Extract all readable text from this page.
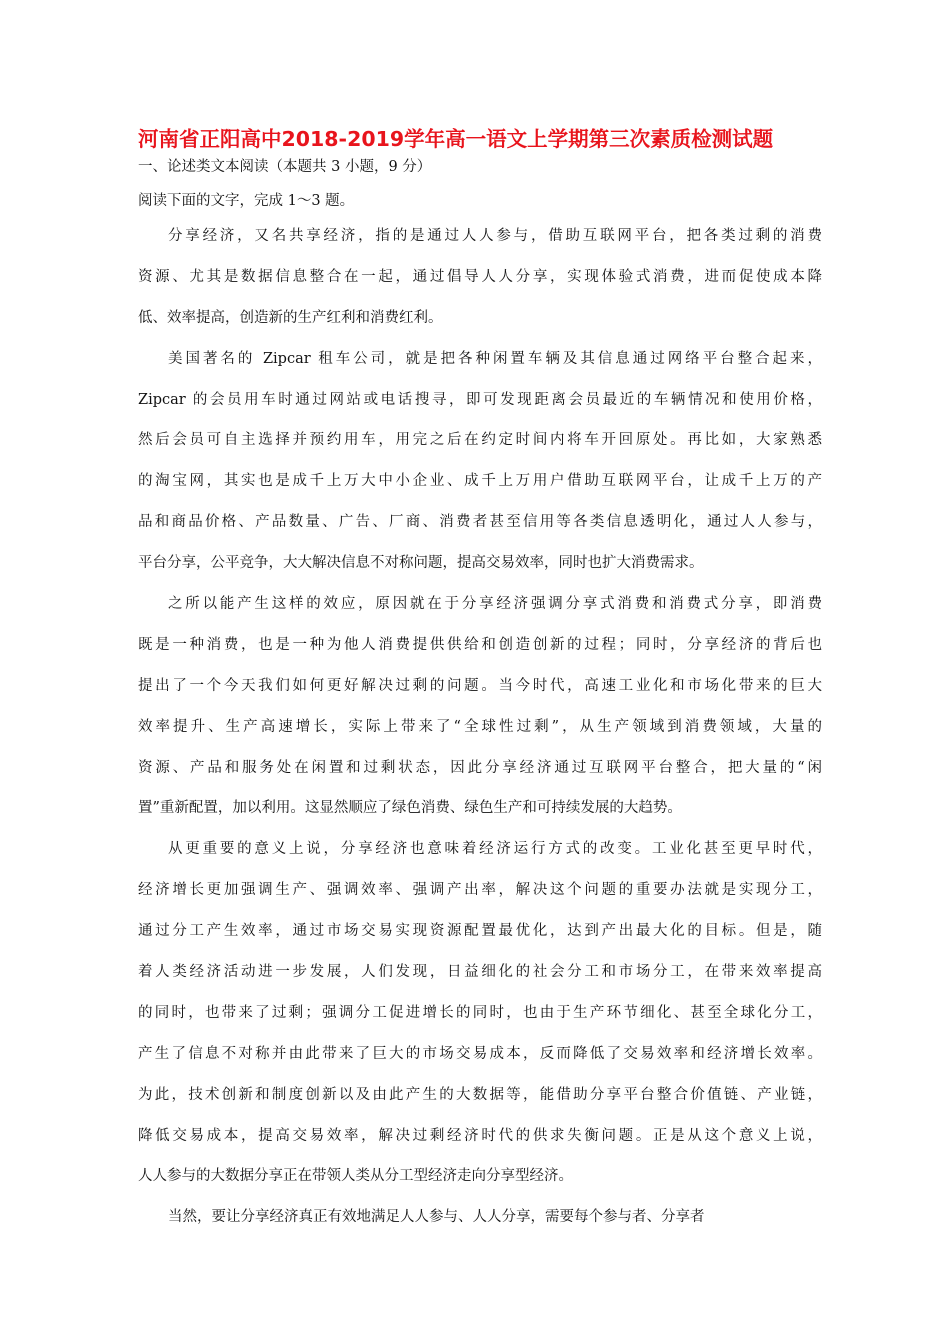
河南省正阳高中2018-2019学年高一语文上学期第三次素质检测试题
一、论述类文本阅读（本题共 3 小题，9 分）
阅读下面的文字，完成 1～3 题。
分享经济，又名共享经济，指的是通过人人参与，借助互联网平台，把各类过剩的消费
资源、尤其是数据信息整合在一起，通过倡导人人分享，实现体验式消费，进而促使成本降
低、效率提高，创造新的生产红利和消费红利。
美国著名的 Zipcar 租车公司，就是把各种闲置车辆及其信息通过网络平台整合起来，
Zipcar 的会员用车时通过网站或电话搜寻，即可发现距离会员最近的车辆情况和使用价格，
然后会员可自主选择并预约用车，用完之后在约定时间内将车开回原处。再比如，大家熟悉
的淘宝网，其实也是成千上万大中小企业、成千上万用户借助互联网平台，让成千上万的产
品和商品价格、产品数量、广告、厂商、消费者甚至信用等各类信息透明化，通过人人参与，
平台分享，公平竞争，大大解决信息不对称问题，提高交易效率，同时也扩大消费需求。
之所以能产生这样的效应，原因就在于分享经济强调分享式消费和消费式分享，即消费
既是一种消费，也是一种为他人消费提供供给和创造创新的过程；同时，分享经济的背后也
提出了一个今天我们如何更好解决过剩的问题。当今时代，高速工业化和市场化带来的巨大
效率提升、生产高速增长，实际上带来了“全球性过剩”，从生产领域到消费领域，大量的
资源、产品和服务处在闲置和过剩状态，因此分享经济通过互联网平台整合，把大量的“闲
置”重新配置，加以利用。这显然顺应了绿色消费、绿色生产和可持续发展的大趋势。
从更重要的意义上说，分享经济也意味着经济运行方式的改变。工业化甚至更早时代，
经济增长更加强调生产、强调效率、强调产出率，解决这个问题的重要办法就是实现分工，
通过分工产生效率，通过市场交易实现资源配置最优化，达到产出最大化的目标。但是，随
着人类经济活动进一步发展，人们发现，日益细化的社会分工和市场分工，在带来效率提高
的同时，也带来了过剩；强调分工促进增长的同时，也由于生产环节细化、甚至全球化分工，
产生了信息不对称并由此带来了巨大的市场交易成本，反而降低了交易效率和经济增长效率。
为此，技术创新和制度创新以及由此产生的大数据等，能借助分享平台整合价值链、产业链，
降低交易成本，提高交易效率，解决过剩经济时代的供求失衡问题。正是从这个意义上说，
人人参与的大数据分享正在带领人类从分工型经济走向分享型经济。
当然，要让分享经济真正有效地满足人人参与、人人分享，需要每个参与者、分享者
